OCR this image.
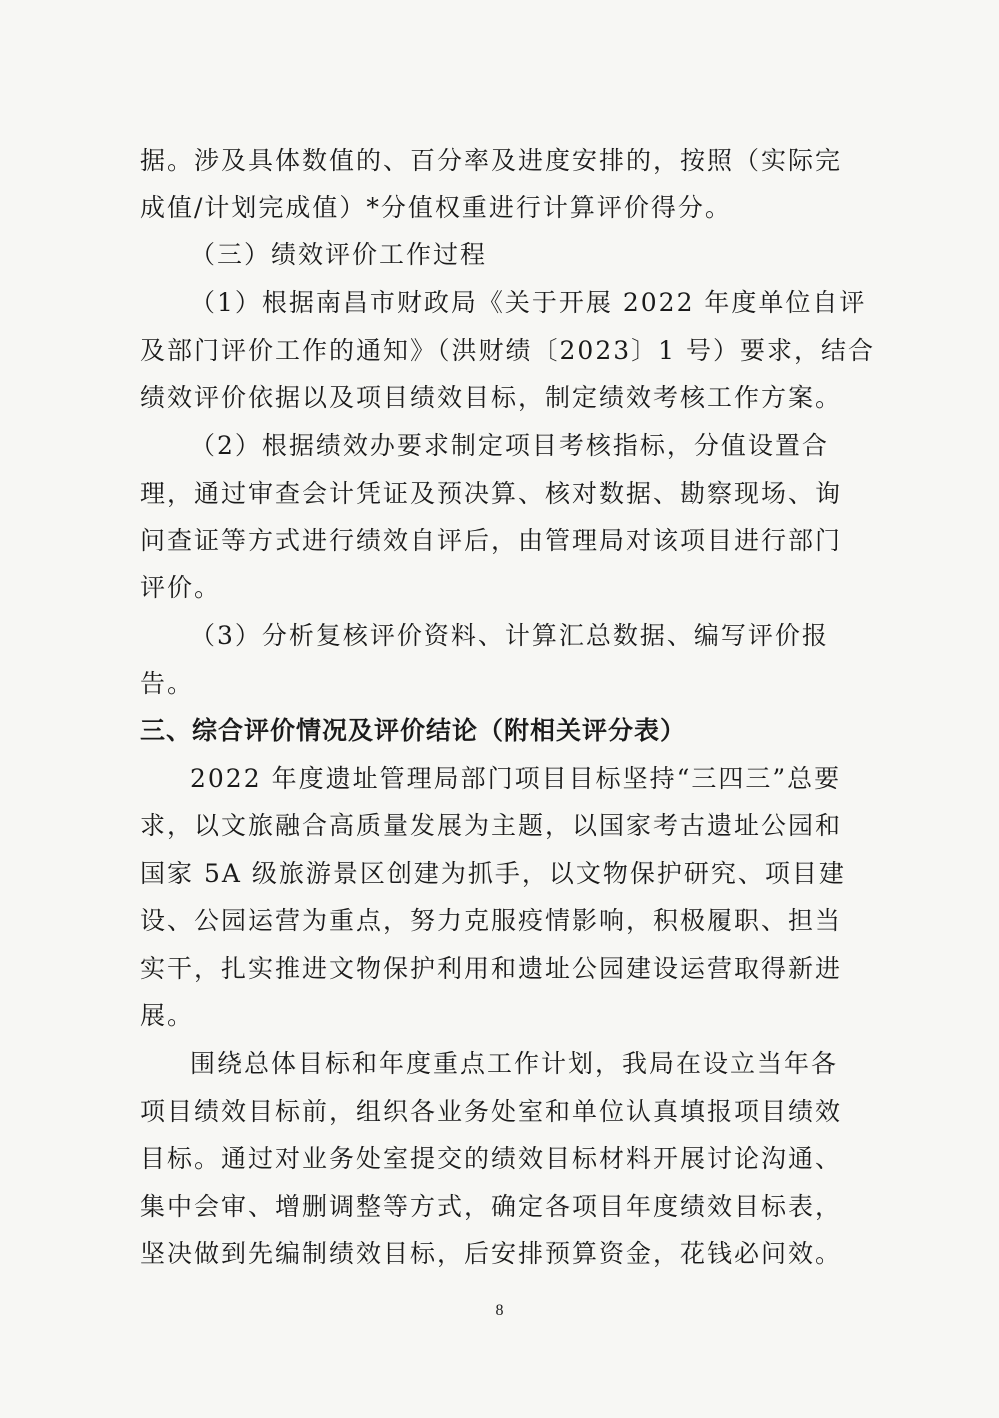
据。涉及具体数值的、百分率及进度安排的，按照（实际完
成值/计划完成值）*分值权重进行计算评价得分。
（三）绩效评价工作过程
（1）根据南昌市财政局《关于开展 2022 年度单位自评
及部门评价工作的通知》（洪财绩〔2023〕1 号）要求，结合
绩效评价依据以及项目绩效目标，制定绩效考核工作方案。
（2）根据绩效办要求制定项目考核指标，分值设置合
理，通过审查会计凭证及预决算、核对数据、勘察现场、询
问查证等方式进行绩效自评后，由管理局对该项目进行部门
评价。
（3）分析复核评价资料、计算汇总数据、编写评价报
告。
三、综合评价情况及评价结论（附相关评分表）
2022 年度遗址管理局部门项目目标坚持“三四三”总要
求，以文旅融合高质量发展为主题，以国家考古遗址公园和
国家 5A 级旅游景区创建为抓手，以文物保护研究、项目建
设、公园运营为重点，努力克服疫情影响，积极履职、担当
实干，扎实推进文物保护利用和遗址公园建设运营取得新进
展。
围绕总体目标和年度重点工作计划，我局在设立当年各
项目绩效目标前，组织各业务处室和单位认真填报项目绩效
目标。通过对业务处室提交的绩效目标材料开展讨论沟通、
集中会审、增删调整等方式，确定各项目年度绩效目标表，
坚决做到先编制绩效目标，后安排预算资金，花钱必问效。
8
